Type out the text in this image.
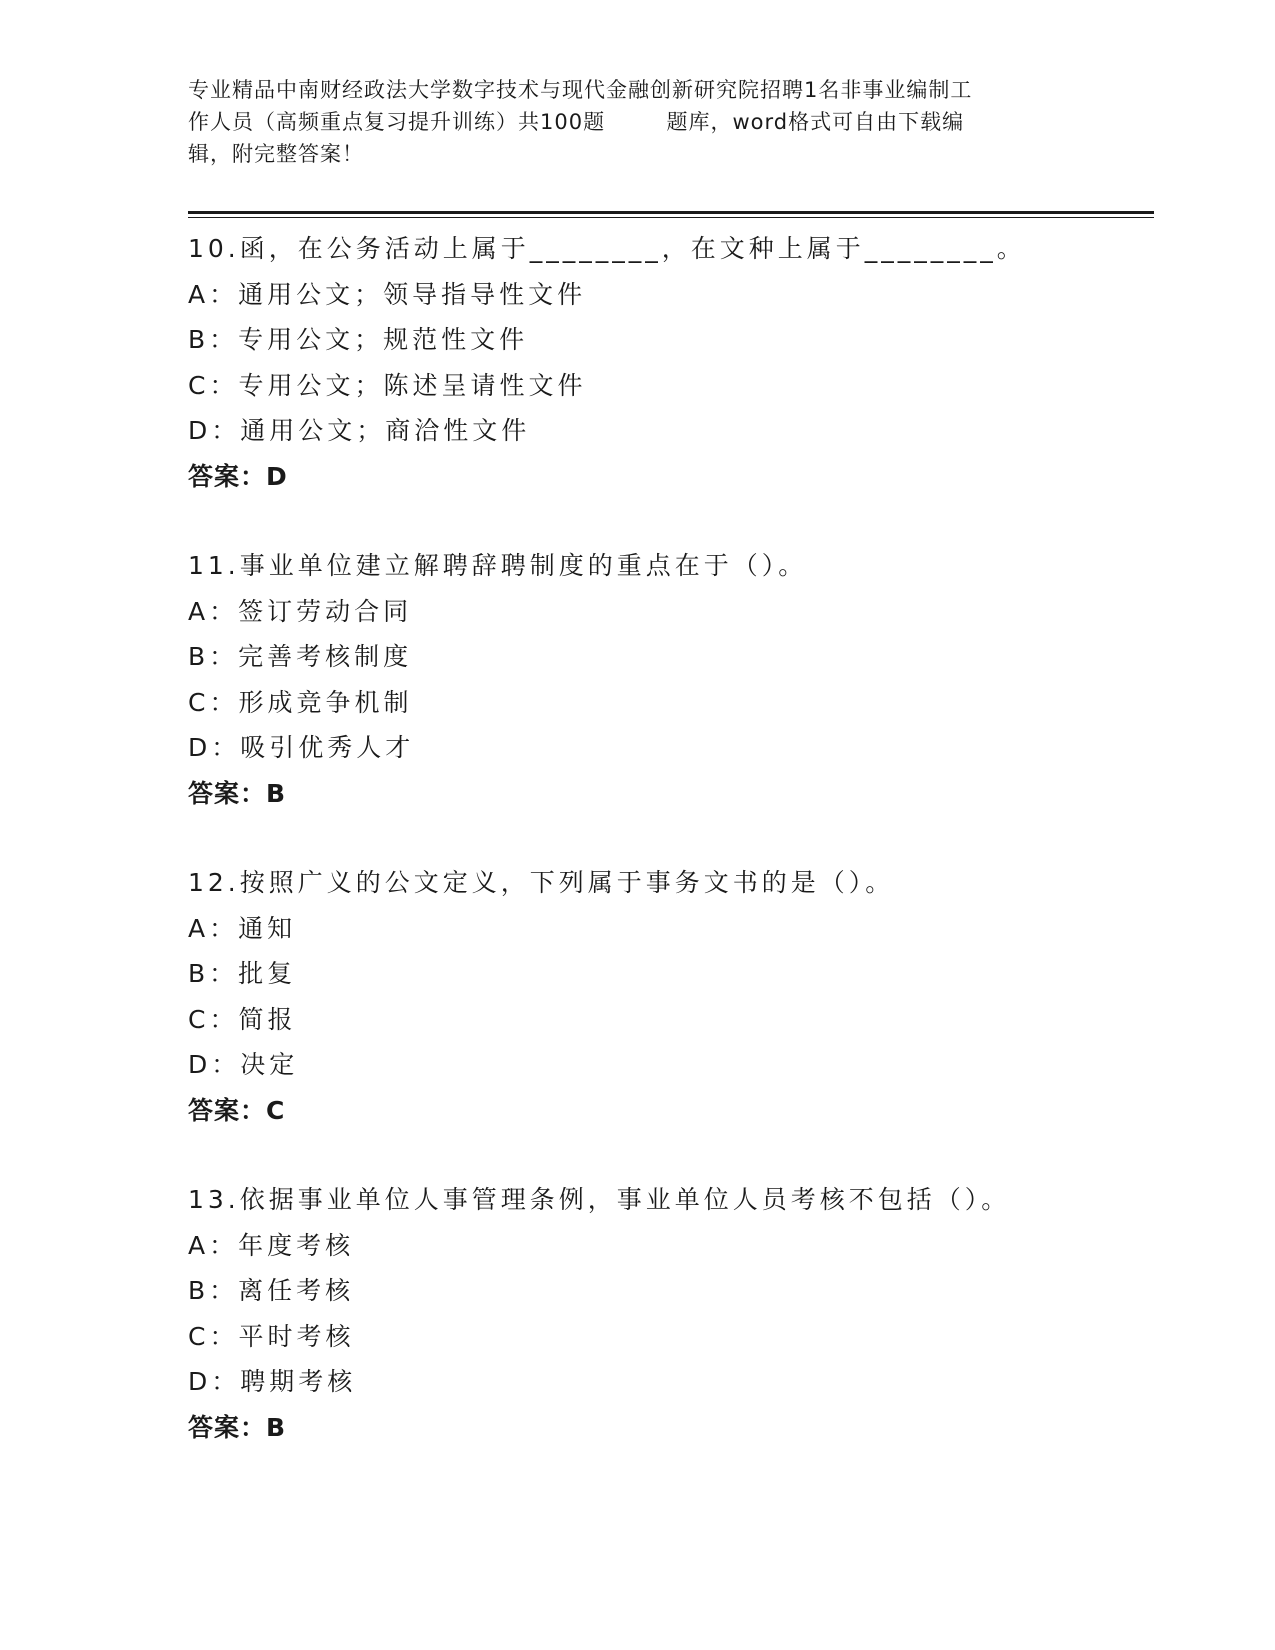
专业精品中南财经政法大学数字技术与现代金融创新研究院招聘1名非事业编制工
作人员（高频重点复习提升训练）共100题        题库，word格式可自由下载编
辑，附完整答案！
10.函，在公务活动上属于________，在文种上属于________。
A：通用公文；领导指导性文件
B：专用公文；规范性文件
C：专用公文；陈述呈请性文件
D：通用公文；商洽性文件
答案：D
11.事业单位建立解聘辞聘制度的重点在于（）。
A：签订劳动合同
B：完善考核制度
C：形成竞争机制
D：吸引优秀人才
答案：B
12.按照广义的公文定义，下列属于事务文书的是（）。
A：通知
B：批复
C：简报
D：决定
答案：C
13.依据事业单位人事管理条例，事业单位人员考核不包括（）。
A：年度考核
B：离任考核
C：平时考核
D：聘期考核
答案：B
